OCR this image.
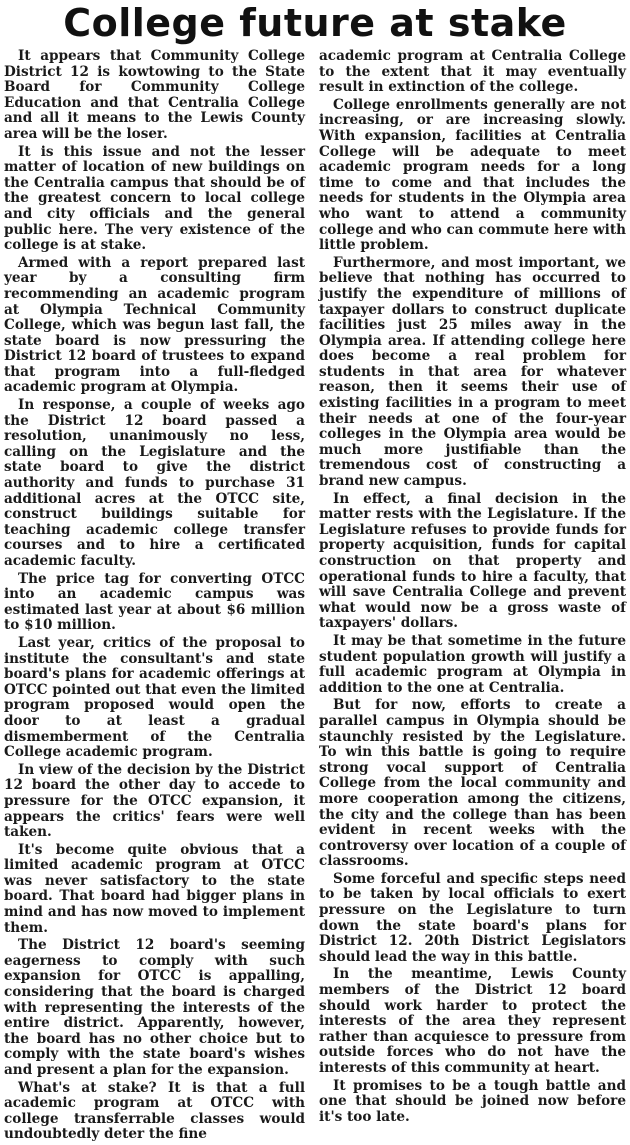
College future at stake

It appears that Community College District 12 is kowtowing to the State Board for Community College Education and that Centralia College and all it means to the Lewis County area will be the loser.

It is this issue and not the lesser matter of location of new buildings on the Centralia campus that should be of the greatest concern to local college and city officials and the general public here. The very existence of the college is at stake.

Armed with a report prepared last year by a consulting firm recommending an academic program at Olympia Technical Community College, which was begun last fall, the state board is now pressuring the District 12 board of trustees to expand that program into a full-fledged academic program at Olympia.

In response, a couple of weeks ago the District 12 board passed a resolution, unanimously no less, calling on the Legislature and the state board to give the district authority and funds to purchase 31 additional acres at the OTCC site, construct buildings suitable for teaching academic college transfer courses and to hire a certificated academic faculty.

The price tag for converting OTCC into an academic campus was estimated last year at about $6 million to $10 million.

Last year, critics of the proposal to institute the consultant's and state board's plans for academic offerings at OTCC pointed out that even the limited program proposed would open the door to at least a gradual dismemberment of the Centralia College academic program.

In view of the decision by the District 12 board the other day to accede to pressure for the OTCC expansion, it appears the critics' fears were well taken.

It's become quite obvious that a limited academic program at OTCC was never satisfactory to the state board. That board had bigger plans in mind and has now moved to implement them.

The District 12 board's seeming eagerness to comply with such expansion for OTCC is appalling, considering that the board is charged with representing the interests of the entire district. Apparently, however, the board has no other choice but to comply with the state board's wishes and present a plan for the expansion.

What's at stake? It is that a full academic program at OTCC with college transferrable classes would undoubtedly deter the fine

academic program at Centralia College to the extent that it may eventually result in extinction of the college.

College enrollments generally are not increasing, or are increasing slowly. With expansion, facilities at Centralia College will be adequate to meet academic program needs for a long time to come and that includes the needs for students in the Olympia area who want to attend a community college and who can commute here with little problem.

Furthermore, and most important, we believe that nothing has occurred to justify the expenditure of millions of taxpayer dollars to construct duplicate facilities just 25 miles away in the Olympia area. If attending college here does become a real problem for students in that area for whatever reason, then it seems their use of existing facilities in a program to meet their needs at one of the four-year colleges in the Olympia area would be much more justifiable than the tremendous cost of constructing a brand new campus.

In effect, a final decision in the matter rests with the Legislature. If the Legislature refuses to provide funds for property acquisition, funds for capital construction on that property and operational funds to hire a faculty, that will save Centralia College and prevent what would now be a gross waste of taxpayers' dollars.

It may be that sometime in the future student population growth will justify a full academic program at Olympia in addition to the one at Centralia.

But for now, efforts to create a parallel campus in Olympia should be staunchly resisted by the Legislature. To win this battle is going to require strong vocal support of Centralia College from the local community and more cooperation among the citizens, the city and the college than has been evident in recent weeks with the controversy over location of a couple of classrooms.

Some forceful and specific steps need to be taken by local officials to exert pressure on the Legislature to turn down the state board's plans for District 12. 20th District Legislators should lead the way in this battle.

In the meantime, Lewis County members of the District 12 board should work harder to protect the interests of the area they represent rather than acquiesce to pressure from outside forces who do not have the interests of this community at heart.

It promises to be a tough battle and one that should be joined now before it's too late.
